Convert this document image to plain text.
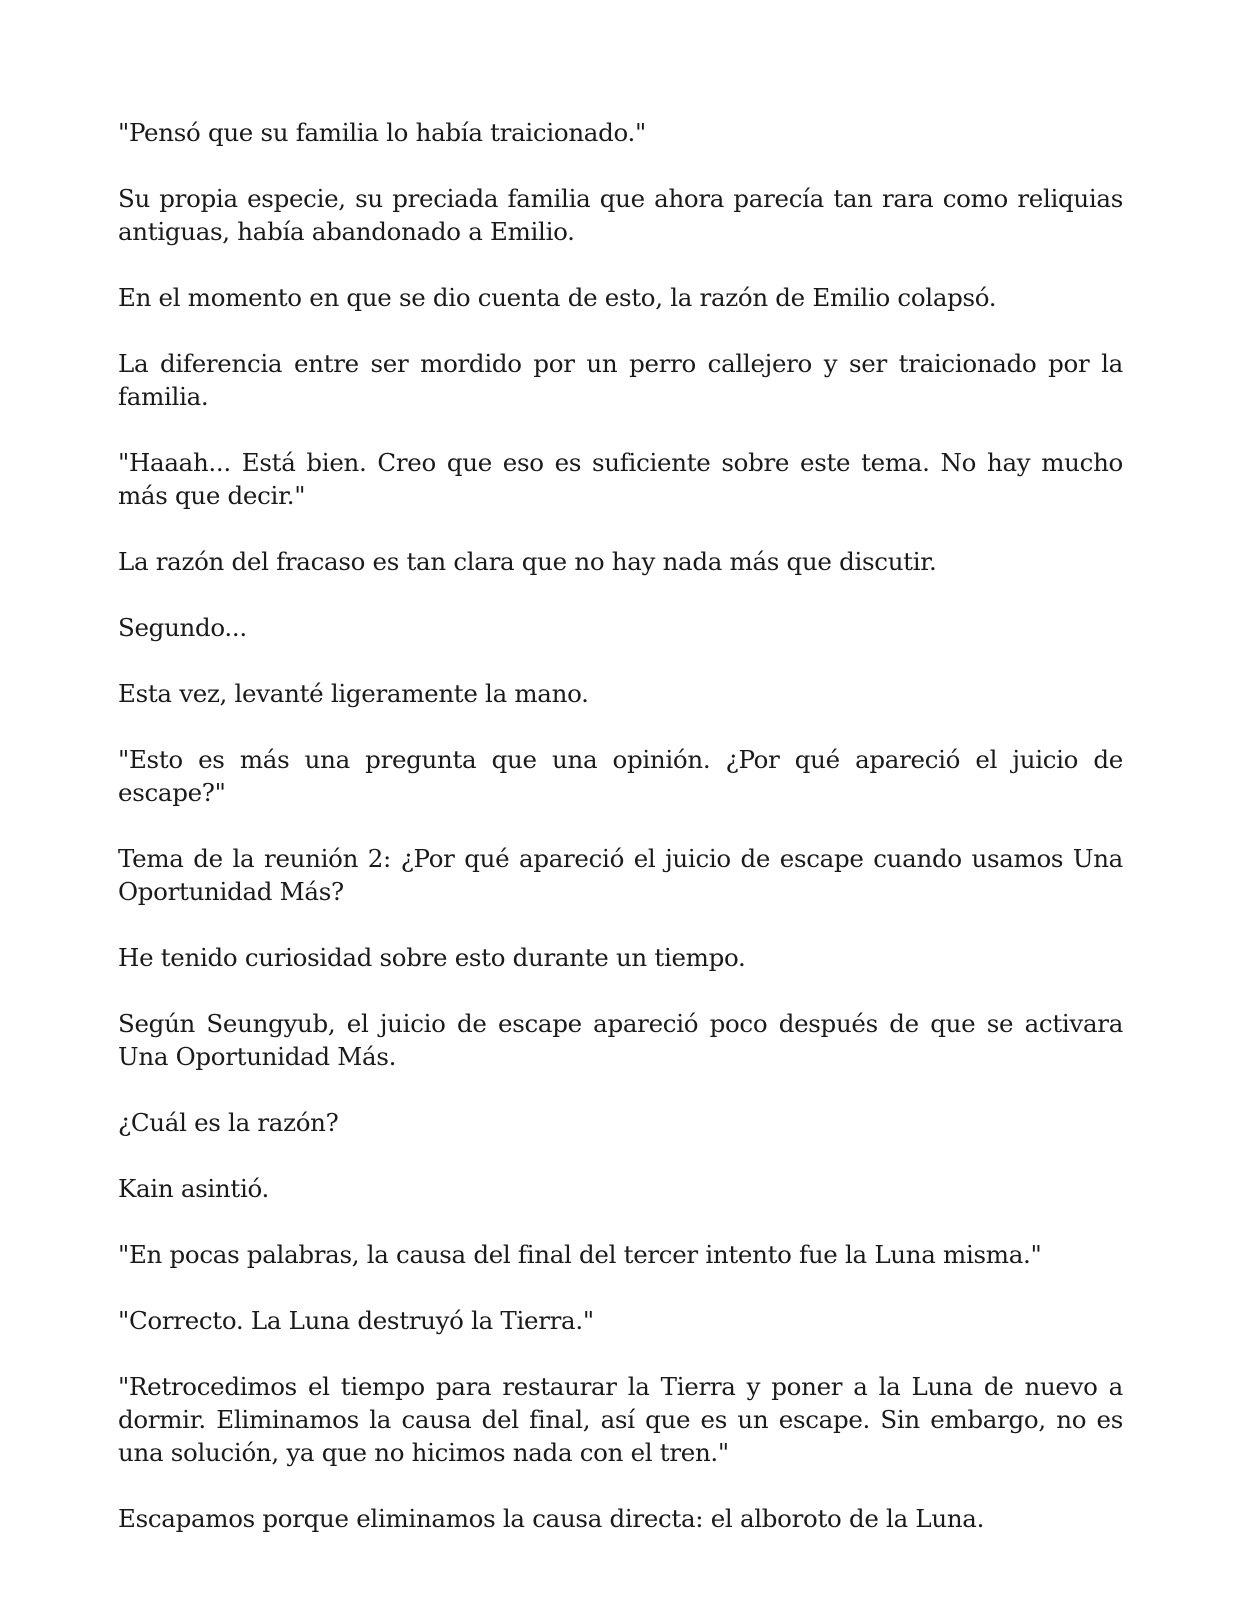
"Pensó que su familia lo había traicionado."

Su propia especie, su preciada familia que ahora parecía tan rara como reliquias antiguas, había abandonado a Emilio.

En el momento en que se dio cuenta de esto, la razón de Emilio colapsó.

La diferencia entre ser mordido por un perro callejero y ser traicionado por la familia.

"Haaah... Está bien. Creo que eso es suficiente sobre este tema. No hay mucho más que decir."

La razón del fracaso es tan clara que no hay nada más que discutir.

Segundo...

Esta vez, levanté ligeramente la mano.

"Esto es más una pregunta que una opinión. ¿Por qué apareció el juicio de escape?"

Tema de la reunión 2: ¿Por qué apareció el juicio de escape cuando usamos Una Oportunidad Más?

He tenido curiosidad sobre esto durante un tiempo.

Según Seungyub, el juicio de escape apareció poco después de que se activara Una Oportunidad Más.

¿Cuál es la razón?

Kain asintió.

"En pocas palabras, la causa del final del tercer intento fue la Luna misma."

"Correcto. La Luna destruyó la Tierra."

"Retrocedimos el tiempo para restaurar la Tierra y poner a la Luna de nuevo a dormir. Eliminamos la causa del final, así que es un escape. Sin embargo, no es una solución, ya que no hicimos nada con el tren."

Escapamos porque eliminamos la causa directa: el alboroto de la Luna.
